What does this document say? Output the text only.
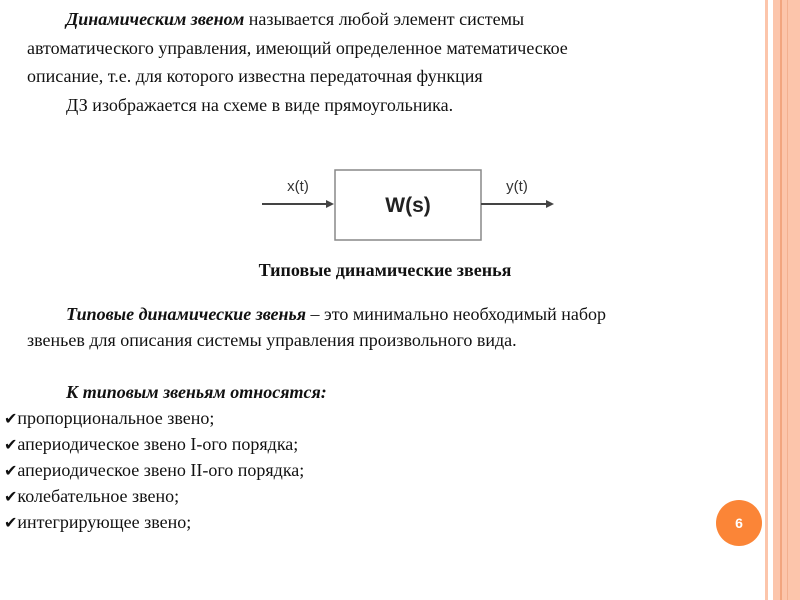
Динамическим звеном называется любой элемент системы
автоматического управления, имеющий определенное математическое
описание, т.е. для которого известна передаточная функция
ДЗ изображается на схеме в виде прямоугольника.
x(t)
W(s)
y(t)
Типовые динамические звенья
Типовые динамические звенья – это минимально необходимый набор
звеньев для описания системы управления произвольного вида.
К типовым звеньям относятся:
✔пропорциональное звено;
✔апериодическое звено I-ого порядка;
✔апериодическое звено II-ого порядка;
✔колебательное звено;
✔интегрирующее звено;	6
